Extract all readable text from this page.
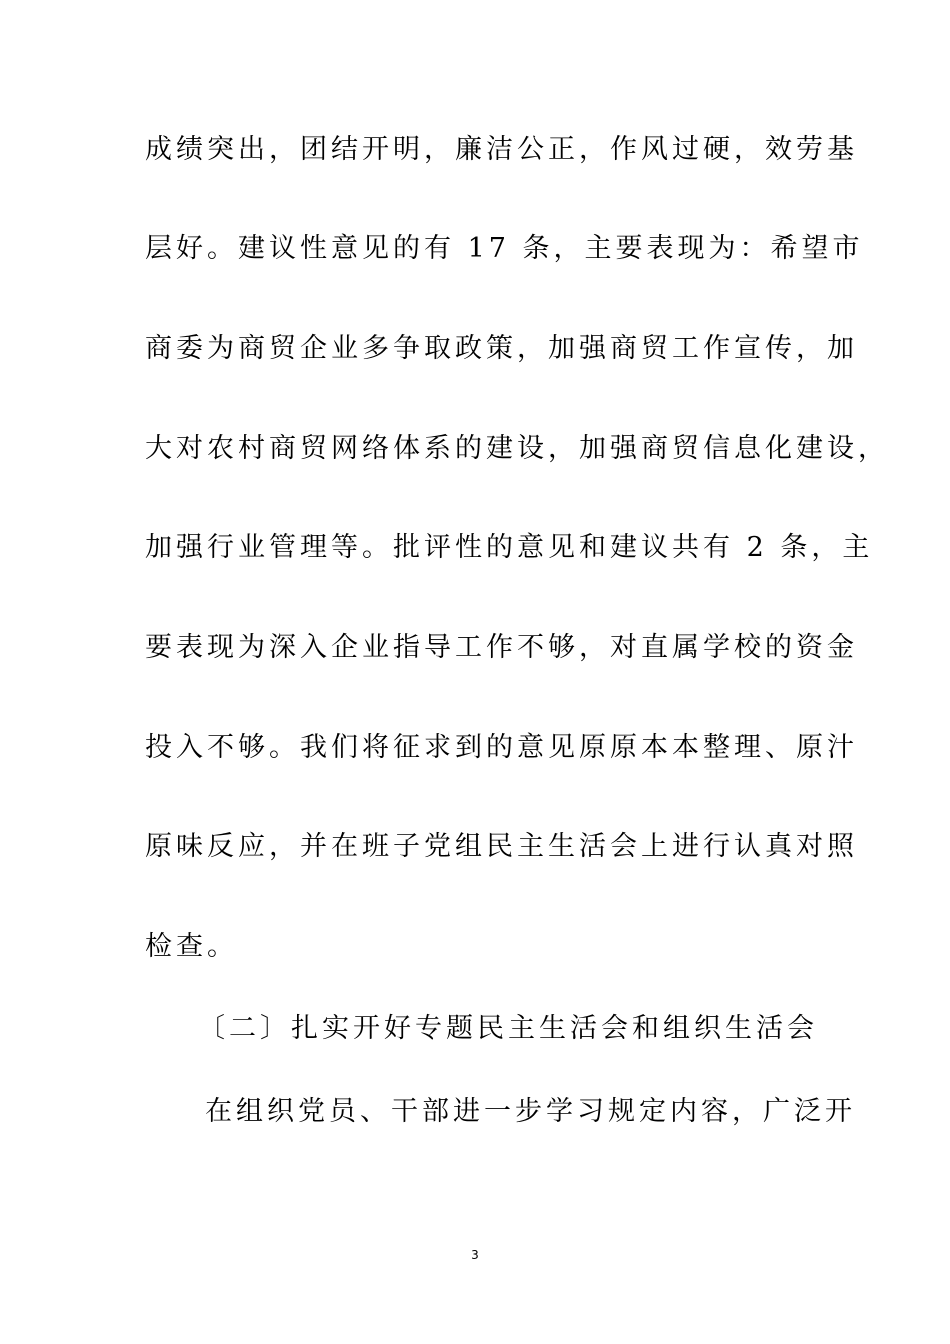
成绩突出，团结开明，廉洁公正，作风过硬，效劳基
层好。建议性意见的有 17 条，主要表现为：希望市
商委为商贸企业多争取政策，加强商贸工作宣传，加
大对农村商贸网络体系的建设，加强商贸信息化建设，
加强行业管理等。批评性的意见和建议共有 2 条，主
要表现为深入企业指导工作不够，对直属学校的资金
投入不够。我们将征求到的意见原原本本整理、原汁
原味反应，并在班子党组民主生活会上进行认真对照
检查。
〔二〕扎实开好专题民主生活会和组织生活会
在组织党员、干部进一步学习规定内容，广泛开
3
